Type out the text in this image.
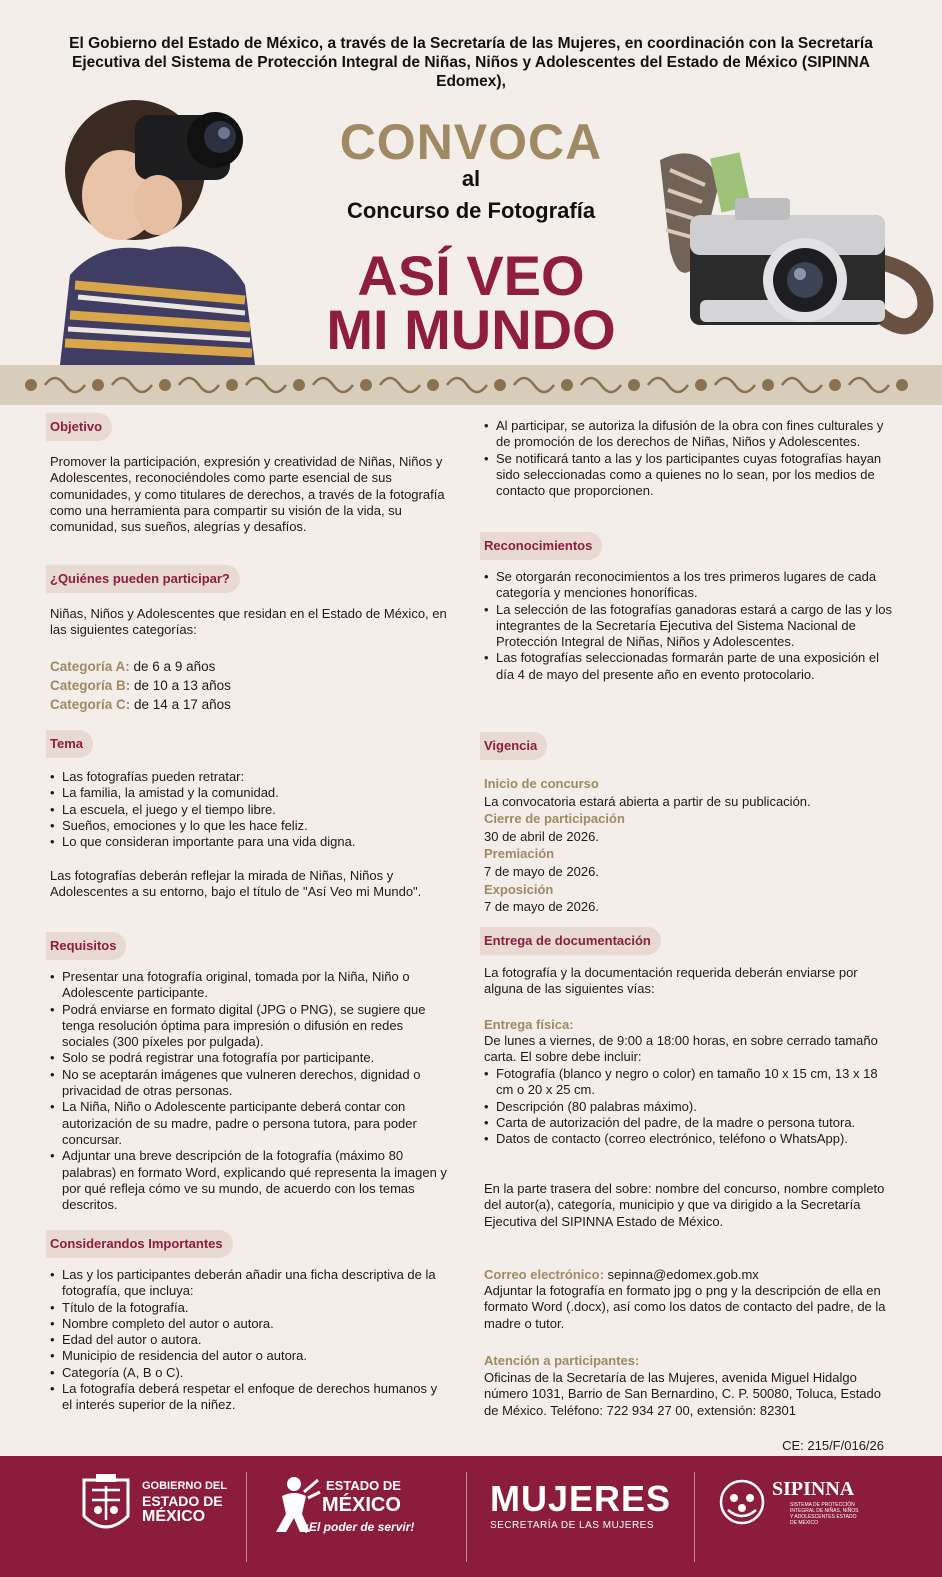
El Gobierno del Estado de México, a través de la Secretaría de las Mujeres, en coordinación con la Secretaría Ejecutiva del Sistema de Protección Integral de Niñas, Niños y Adolescentes del Estado de México (SIPINNA Edomex),
CONVOCA
al
Concurso de Fotografía
ASÍ VEO
MI MUNDO
Objetivo
Promover la participación, expresión y creatividad de Niñas, Niños y Adolescentes, reconociéndoles como parte esencial de sus comunidades, y como titulares de derechos, a través de la fotografía como una herramienta para compartir su visión de la vida, su comunidad, sus sueños, alegrías y desafíos.
¿Quiénes pueden participar?
Niñas, Niños y Adolescentes que residan en el Estado de México, en las siguientes categorías:
Categoría A: de 6 a 9 años
Categoría B: de 10 a 13 años
Categoría C: de 14 a 17 años
Tema
• Las fotografías pueden retratar:
• La familia, la amistad y la comunidad.
• La escuela, el juego y el tiempo libre.
• Sueños, emociones y lo que les hace feliz.
• Lo que consideran importante para una vida digna.
Las fotografías deberán reflejar la mirada de Niñas, Niños y Adolescentes a su entorno, bajo el título de "Así Veo mi Mundo".
Requisitos
• Presentar una fotografía original, tomada por la Niña, Niño o Adolescente participante.
• Podrá enviarse en formato digital (JPG o PNG), se sugiere que tenga resolución óptima para impresión o difusión en redes sociales (300 píxeles por pulgada).
• Solo se podrá registrar una fotografía por participante.
• No se aceptarán imágenes que vulneren derechos, dignidad o privacidad de otras personas.
• La Niña, Niño o Adolescente participante deberá contar con autorización de su madre, padre o persona tutora, para poder concursar.
• Adjuntar una breve descripción de la fotografía (máximo 80 palabras) en formato Word, explicando qué representa la imagen y por qué refleja cómo ve su mundo, de acuerdo con los temas descritos.
Considerandos Importantes
• Las y los participantes deberán añadir una ficha descriptiva de la fotografía, que incluya:
• Título de la fotografía.
• Nombre completo del autor o autora.
• Edad del autor o autora.
• Municipio de residencia del autor o autora.
• Categoría (A, B o C).
• La fotografía deberá respetar el enfoque de derechos humanos y el interés superior de la niñez.
• Al participar, se autoriza la difusión de la obra con fines culturales y de promoción de los derechos de Niñas, Niños y Adolescentes.
• Se notificará tanto a las y los participantes cuyas fotografías hayan sido seleccionadas como a quienes no lo sean, por los medios de contacto que proporcionen.
Reconocimientos
• Se otorgarán reconocimientos a los tres primeros lugares de cada categoría y menciones honoríficas.
• La selección de las fotografías ganadoras estará a cargo de las y los integrantes de la Secretaría Ejecutiva del Sistema Nacional de Protección Integral de Niñas, Niños y Adolescentes.
• Las fotografías seleccionadas formarán parte de una exposición el día 4 de mayo del presente año en evento protocolario.
Vigencia
Inicio de concurso
La convocatoria estará abierta a partir de su publicación.
Cierre de participación
30 de abril de 2026.
Premiación
7 de mayo de 2026.
Exposición
7 de mayo de 2026.
Entrega de documentación
La fotografía y la documentación requerida deberán enviarse por alguna de las siguientes vías:
Entrega física:
De lunes a viernes, de 9:00 a 18:00 horas, en sobre cerrado tamaño carta. El sobre debe incluir:
• Fotografía (blanco y negro o color) en tamaño 10 x 15 cm, 13 x 18 cm o 20 x 25 cm.
• Descripción (80 palabras máximo).
• Carta de autorización del padre, de la madre o persona tutora.
• Datos de contacto (correo electrónico, teléfono o WhatsApp).
En la parte trasera del sobre: nombre del concurso, nombre completo del autor(a), categoría, municipio y que va dirigido a la Secretaría Ejecutiva del SIPINNA Estado de México.
Correo electrónico: sepinna@edomex.gob.mx
Adjuntar la fotografía en formato jpg o png y la descripción de ella en formato Word (.docx), así como los datos de contacto del padre, de la madre o tutor.
Atención a participantes:
Oficinas de la Secretaría de las Mujeres, avenida Miguel Hidalgo número 1031, Barrio de San Bernardino, C. P. 50080, Toluca, Estado de México. Teléfono: 722 934 27 00, extensión: 82301
CE: 215/F/016/26
GOBIERNO DEL
ESTADO DE
MÉXICO
ESTADO DE
MÉXICO
¡El poder de servir!
MUJERES
SECRETARÍA DE LAS MUJERES
SIPINNA
SISTEMA DE PROTECCIÓN INTEGRAL DE NIÑAS, NIÑOS Y ADOLESCENTES ESTADO DE MÉXICO
